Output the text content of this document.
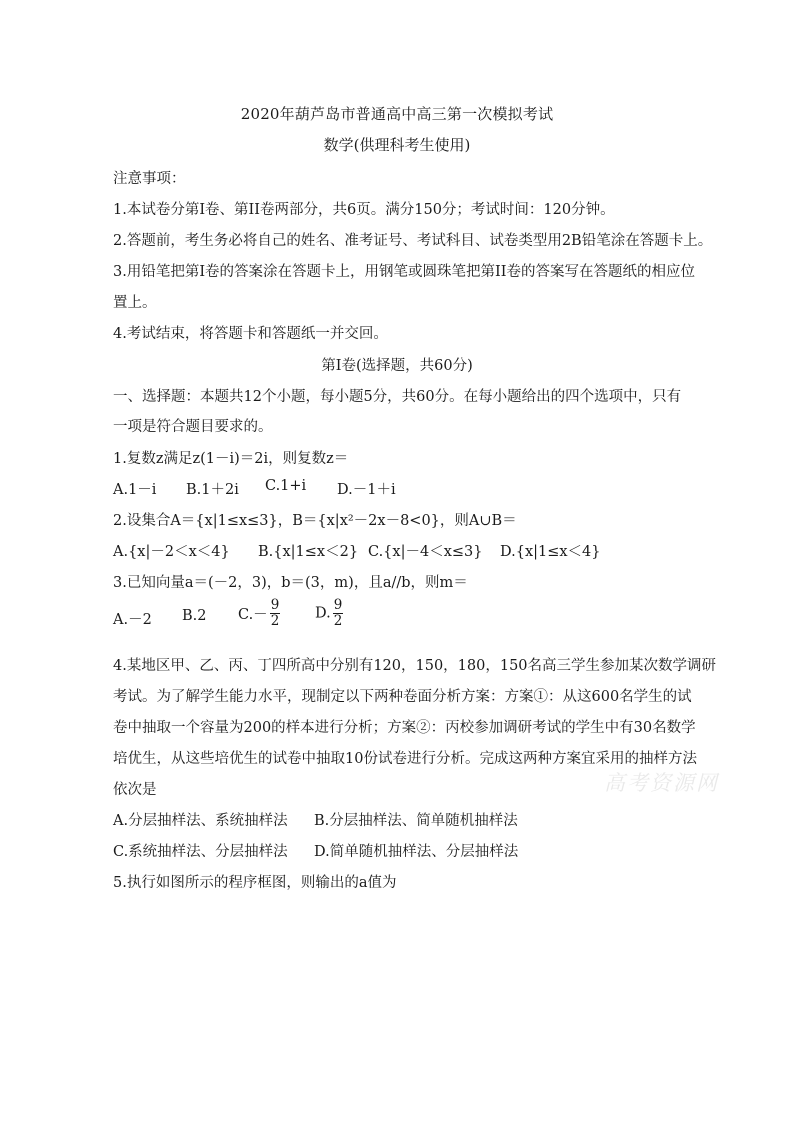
2020年葫芦岛市普通高中高三第一次模拟考试
数学(供理科考生使用)
注意事项：
1.本试卷分第I卷、第II卷两部分，共6页。满分150分；考试时间：120分钟。
2.答题前，考生务必将自己的姓名、准考证号、考试科目、试卷类型用2B铅笔涂在答题卡上。
3.用铅笔把第I卷的答案涂在答题卡上，用钢笔或圆珠笔把第II卷的答案写在答题纸的相应位
置上。
4.考试结束，将答题卡和答题纸一并交回。
第I卷(选择题，共60分)
一、选择题：本题共12个小题，每小题5分，共60分。在每小题给出的四个选项中，只有
一项是符合题目要求的。
1.复数z满足z(1－i)＝2i，则复数z＝
A.1－i B.1＋2i C.1+i D.－1＋i
2.设集合A＝{x|1≤x≤3}，B＝{x|x²－2x－8<0}，则A∪B＝
A.{x|－2＜x＜4} B.{x|1≤x＜2} C.{x|－4＜x≤3} D.{x|1≤x＜4}
3.已知向量a＝(－2，3)，b＝(3，m)，且a//b，则m＝
A.－2 B.2 $C.- \frac{9}{2} D$. $\frac{9}{2}$
4.某地区甲、乙、丙、丁四所高中分别有120，150，180，150名高三学生参加某次数学调研
考试。为了解学生能力水平，现制定以下两种卷面分析方案：方案①：从这600名学生的试
卷中抽取一个容量为200的样本进行分析；方案②：丙校参加调研考试的学生中有30名数学
培优生，从这些培优生的试卷中抽取10份试卷进行分析。完成这两种方案宜采用的抽样方法
依次是
A.分层抽样法、系统抽样法 B.分层抽样法、简单随机抽样法
C.系统抽样法、分层抽样法 D.简单随机抽样法、分层抽样法
5.执行如图所示的程序框图，则输出的a值为
高考资源网
